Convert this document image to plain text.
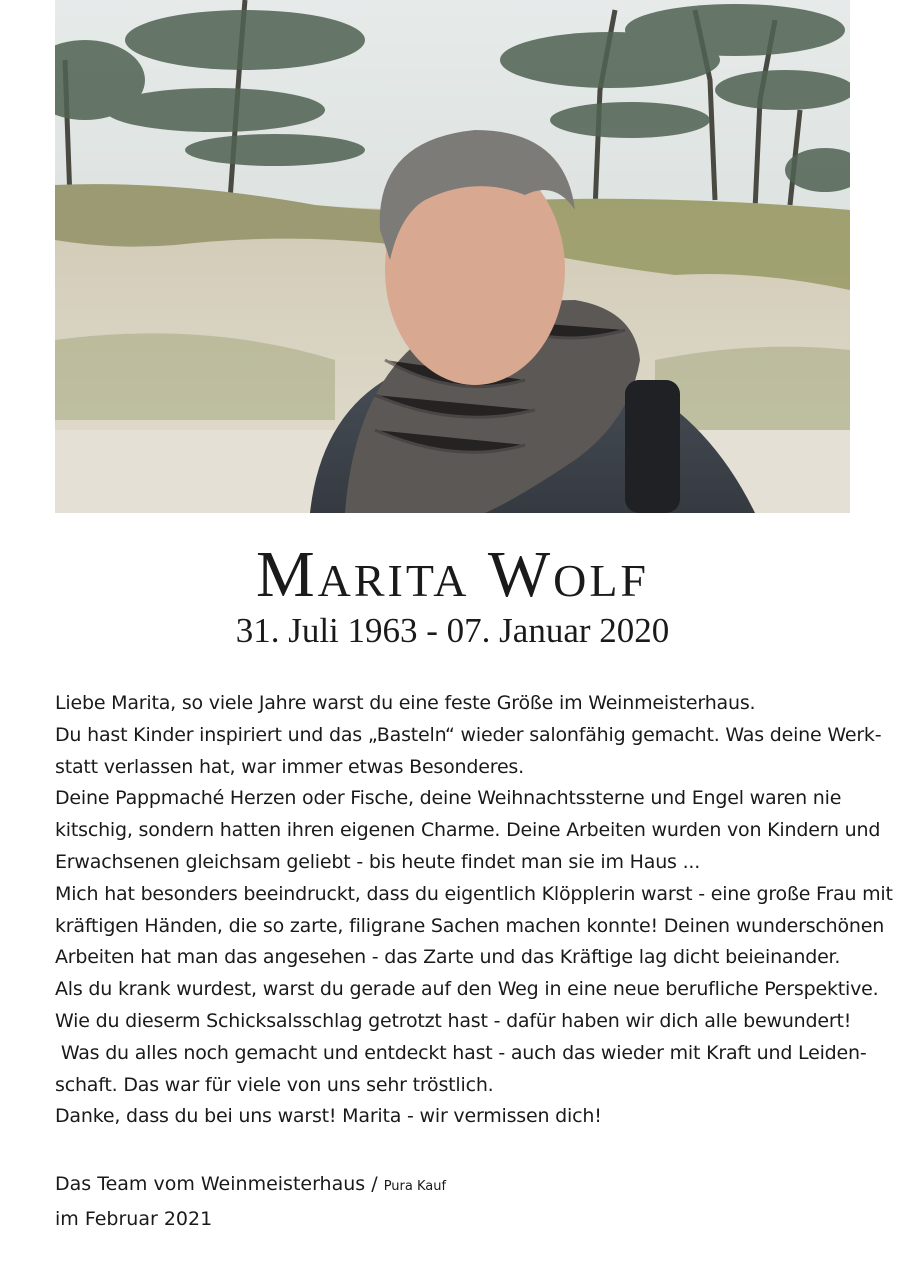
Marita Wolf
31. Juli 1963 - 07. Januar 2020

Liebe Marita, so viele Jahre warst du eine feste Größe im Weinmeisterhaus.

Du hast Kinder inspiriert und das „Basteln“ wieder salonfähig gemacht. Was deine Werk-

statt verlassen hat, war immer etwas Besonderes.

Deine Pappmaché Herzen oder Fische, deine Weihnachtssterne und Engel waren nie

kitschig, sondern hatten ihren eigenen Charme. Deine Arbeiten wurden von Kindern und

Erwachsenen gleichsam geliebt - bis heute findet man sie im Haus ...

Mich hat besonders beeindruckt, dass du eigentlich Klöpplerin warst - eine große Frau mit

kräftigen Händen, die so zarte, filigrane Sachen machen konnte! Deinen wunderschönen

Arbeiten hat man das angesehen - das Zarte und das Kräftige lag dicht beieinander.

Als du krank wurdest, warst du gerade auf den Weg in eine neue berufliche Perspektive.

Wie du dieserm Schicksalsschlag getrotzt hast - dafür haben wir dich alle bewundert!

Was du alles noch gemacht und entdeckt hast - auch das wieder mit Kraft und Leiden-

schaft. Das war für viele von uns sehr tröstlich.

Danke, dass du bei uns warst! Marita - wir vermissen dich!

Das Team vom Weinmeisterhaus / Pura Kauf

im Februar 2021
